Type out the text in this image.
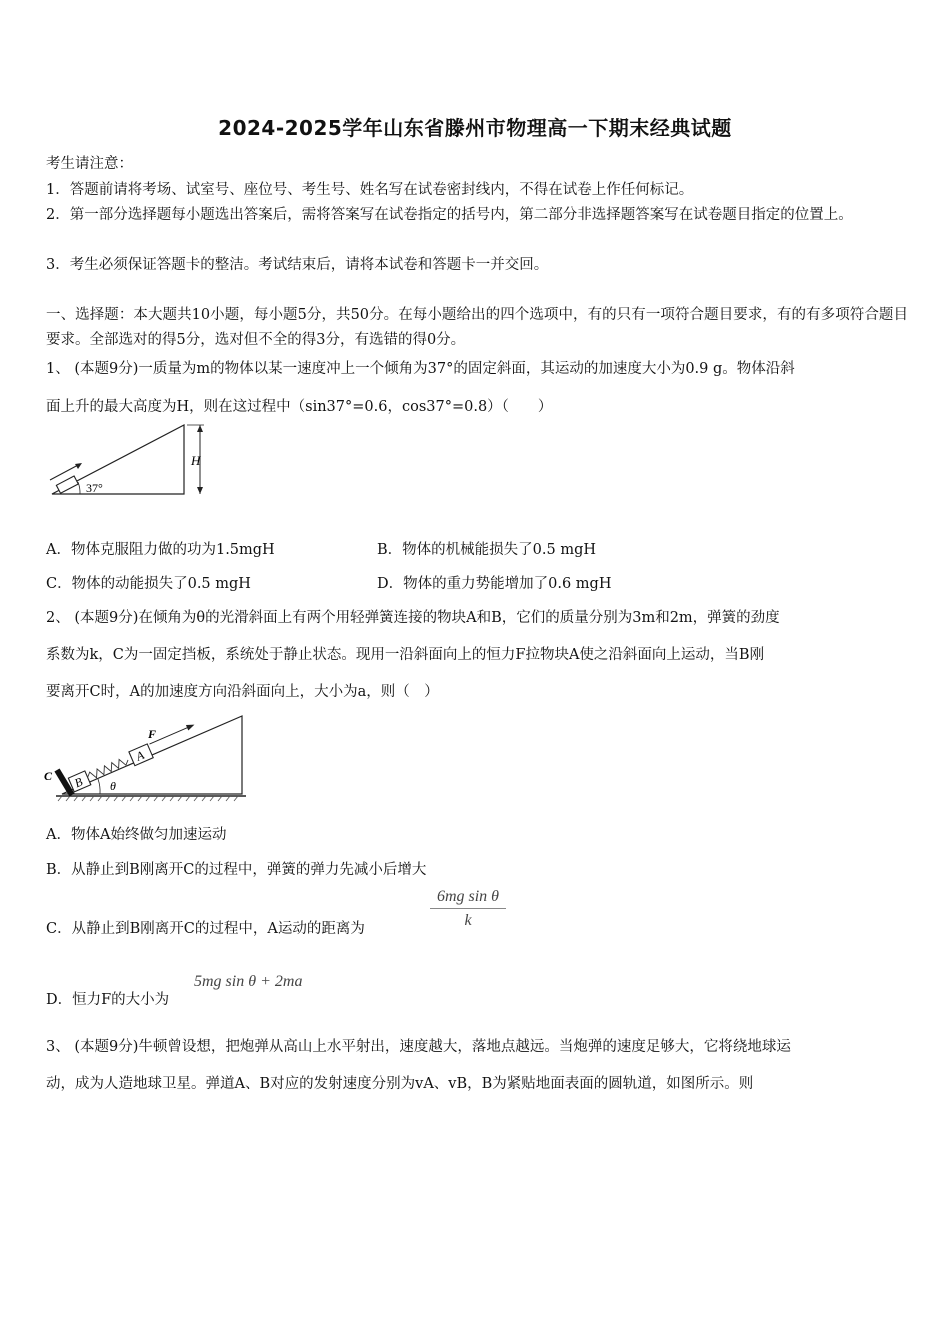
2024-2025学年山东省滕州市物理高一下期末经典试题
考生请注意：
1．答题前请将考场、试室号、座位号、考生号、姓名写在试卷密封线内，不得在试卷上作任何标记。
2．第一部分选择题每小题选出答案后，需将答案写在试卷指定的括号内，第二部分非选择题答案写在试卷题目指定的位置上。
3．考生必须保证答题卡的整洁。考试结束后，请将本试卷和答题卡一并交回。
一、选择题：本大题共10小题，每小题5分，共50分。在每小题给出的四个选项中，有的只有一项符合题目要求，有的有多项符合题目要求。全部选对的得5分，选对但不全的得3分，有选错的得0分。
1、 (本题9分)一质量为m的物体以某一速度冲上一个倾角为37°的固定斜面，其运动的加速度大小为0.9 g。物体沿斜
面上升的最大高度为H，则在这过程中（sin37°=0.6，cos37°=0.8）（　　）
H
37°
A．物体克服阻力做的功为1.5mgH	B．物体的机械能损失了0.5 mgH
C．物体的动能损失了0.5 mgH	D．物体的重力势能增加了0.6 mgH
2、 (本题9分)在倾角为θ的光滑斜面上有两个用轻弹簧连接的物块A和B，它们的质量分别为3m和2m，弹簧的劲度
系数为k，C为一固定挡板，系统处于静止状态。现用一沿斜面向上的恒力F拉物块A使之沿斜面向上运动，当B刚
要离开C时，A的加速度方向沿斜面向上，大小为a，则（　）
C B
A
F
θ
A．物体A始终做匀加速运动
B．从静止到B刚离开C的过程中，弹簧的弹力先减小后增大
C．从静止到B刚离开C的过程中，A运动的距离为	$\frac{\text{6mg sin θ}}{k}$
D．恒力F的大小为
5mg sin θ + 2ma
3、 (本题9分)牛顿曾设想，把炮弹从高山上水平射出，速度越大，落地点越远。当炮弹的速度足够大，它将绕地球运
动，成为人造地球卫星。弹道A、B对应的发射速度分别为vA、vB，B为紧贴地面表面的圆轨道，如图所示。则
